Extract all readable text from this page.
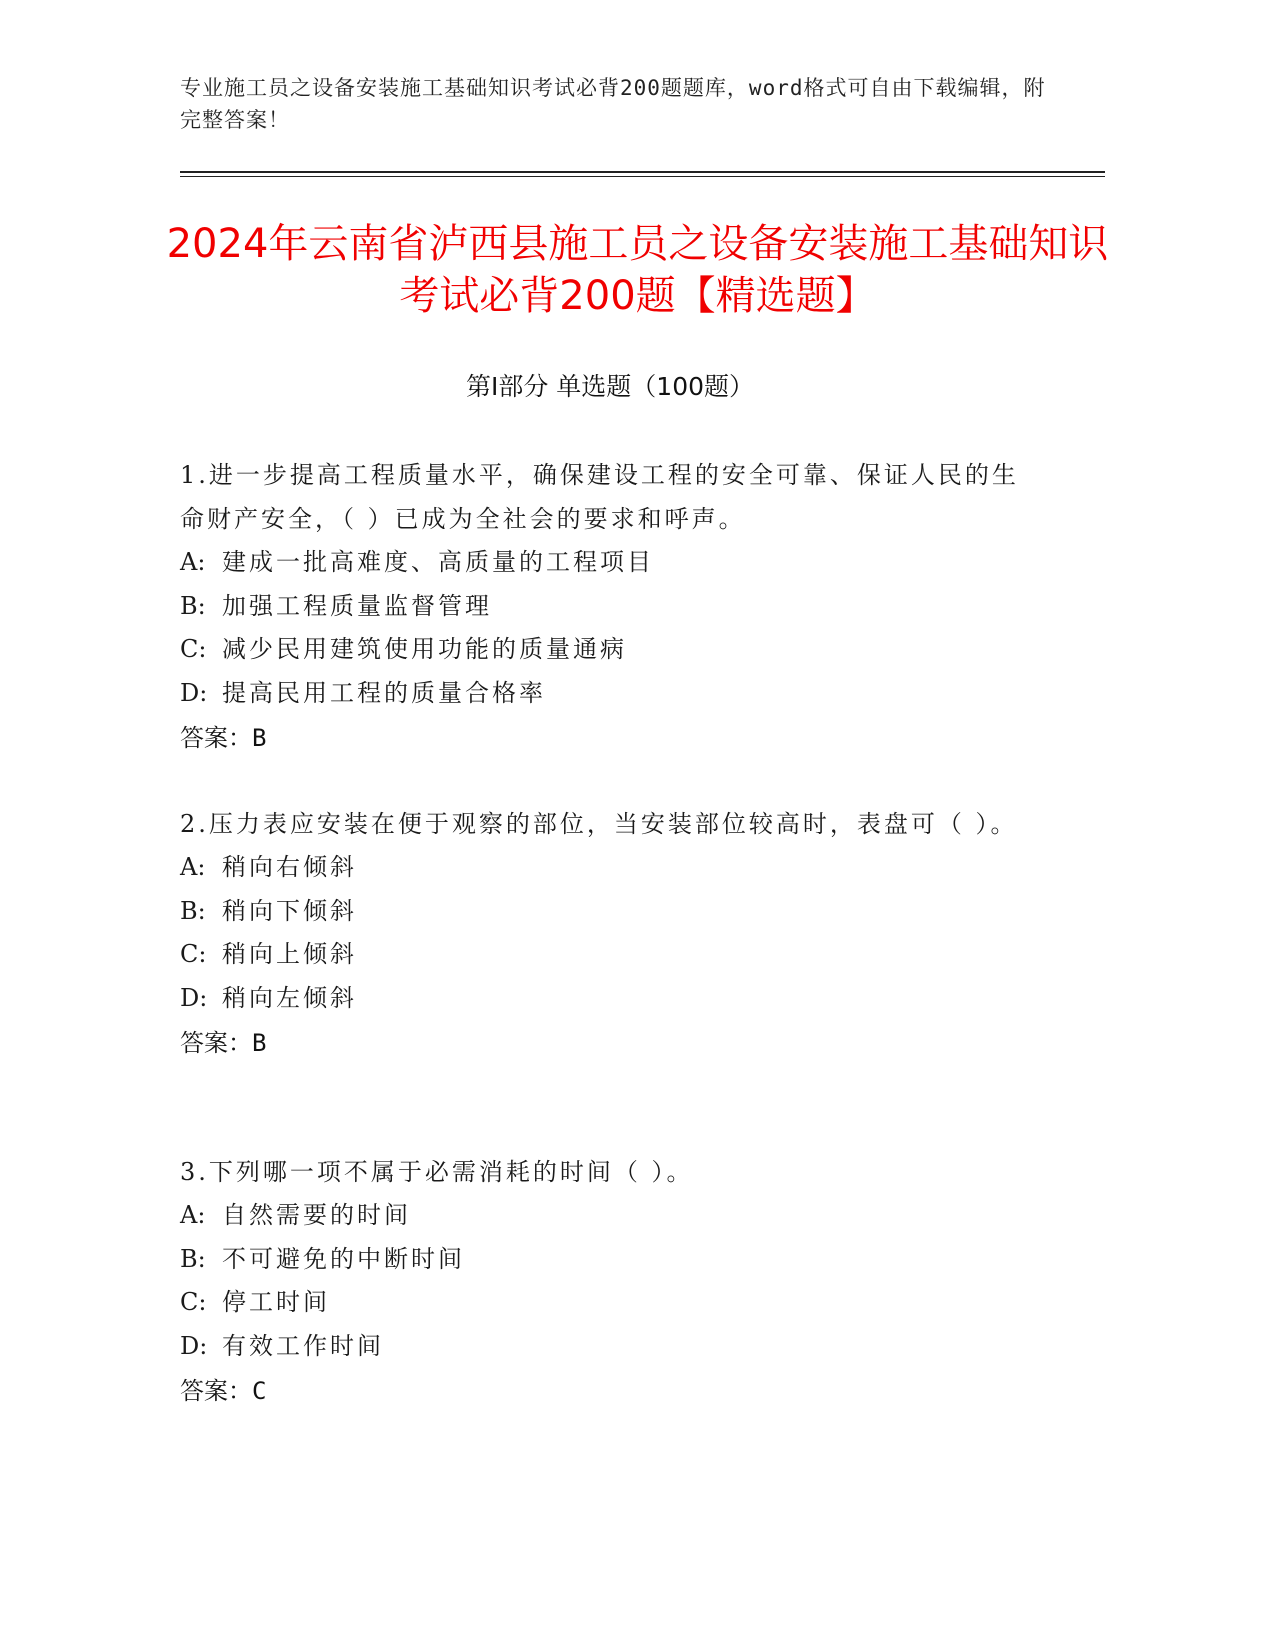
专业施工员之设备安装施工基础知识考试必背200题题库，word格式可自由下载编辑，附完整答案！
2024年云南省泸西县施工员之设备安装施工基础知识考试必背200题【精选题】
第I部分 单选题（100题）
1.进一步提高工程质量水平，确保建设工程的安全可靠、保证人民的生命财产安全，（ ）已成为全社会的要求和呼声。
A: 建成一批高难度、高质量的工程项目
B: 加强工程质量监督管理
C: 减少民用建筑使用功能的质量通病
D: 提高民用工程的质量合格率
答案：B
2.压力表应安装在便于观察的部位，当安装部位较高时，表盘可（ ）。
A: 稍向右倾斜
B: 稍向下倾斜
C: 稍向上倾斜
D: 稍向左倾斜
答案：B
3.下列哪一项不属于必需消耗的时间（ ）。
A: 自然需要的时间
B: 不可避免的中断时间
C: 停工时间
D: 有效工作时间
答案：C
